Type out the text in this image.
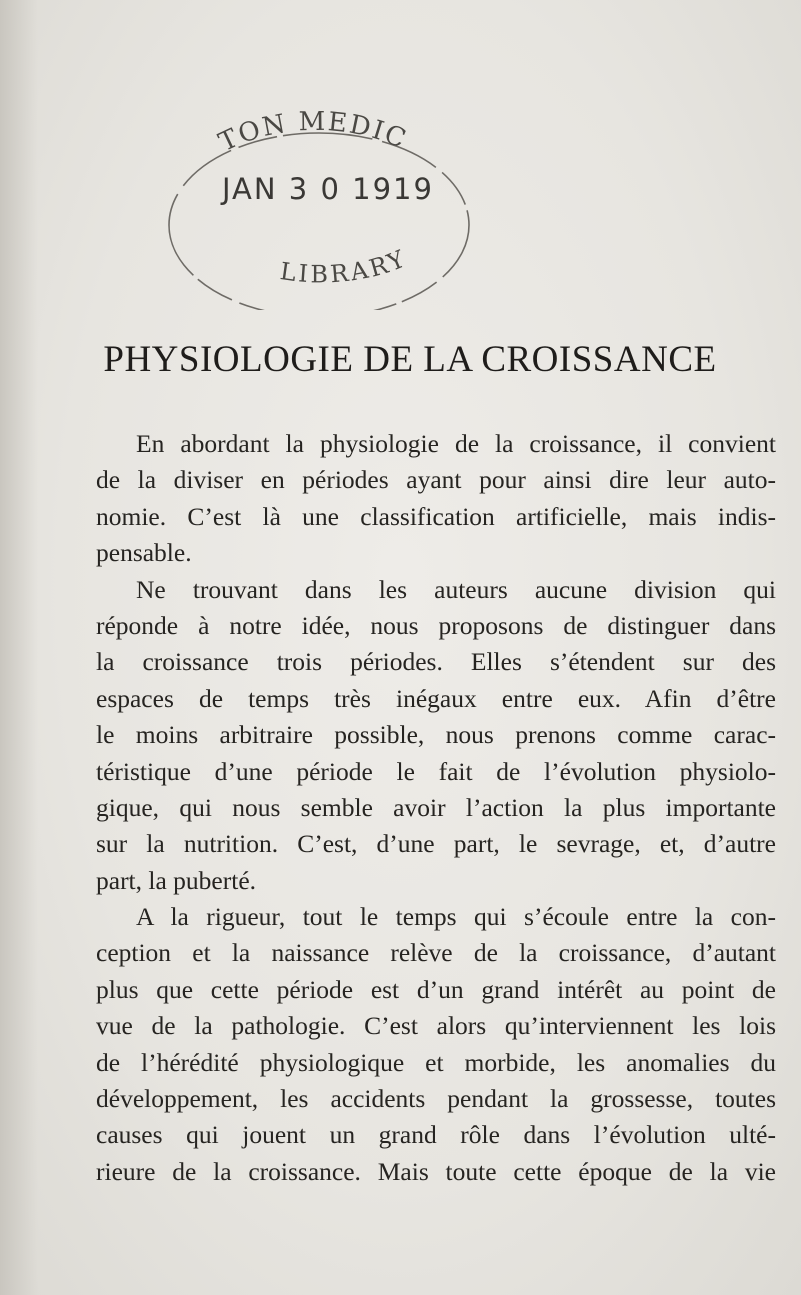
TON MEDIC
LIBRARY
JAN 3 0 1919
PHYSIOLOGIE DE LA CROISSANCE
En abordant la physiologie de la croissance, il convient
de la diviser en périodes ayant pour ainsi dire leur auto-
nomie. C’est là une classification artificielle, mais indis-
pensable.
Ne trouvant dans les auteurs aucune division qui
réponde à notre idée, nous proposons de distinguer dans
la croissance trois périodes. Elles s’étendent sur des
espaces de temps très inégaux entre eux. Afin d’être
le moins arbitraire possible, nous prenons comme carac-
téristique d’une période le fait de l’évolution physiolo-
gique, qui nous semble avoir l’action la plus importante
sur la nutrition. C’est, d’une part, le sevrage, et, d’autre
part, la puberté.
A la rigueur, tout le temps qui s’écoule entre la con-
ception et la naissance relève de la croissance, d’autant
plus que cette période est d’un grand intérêt au point de
vue de la pathologie. C’est alors qu’interviennent les lois
de l’hérédité physiologique et morbide, les anomalies du
développement, les accidents pendant la grossesse, toutes
causes qui jouent un grand rôle dans l’évolution ulté-
rieure de la croissance. Mais toute cette époque de la vie
